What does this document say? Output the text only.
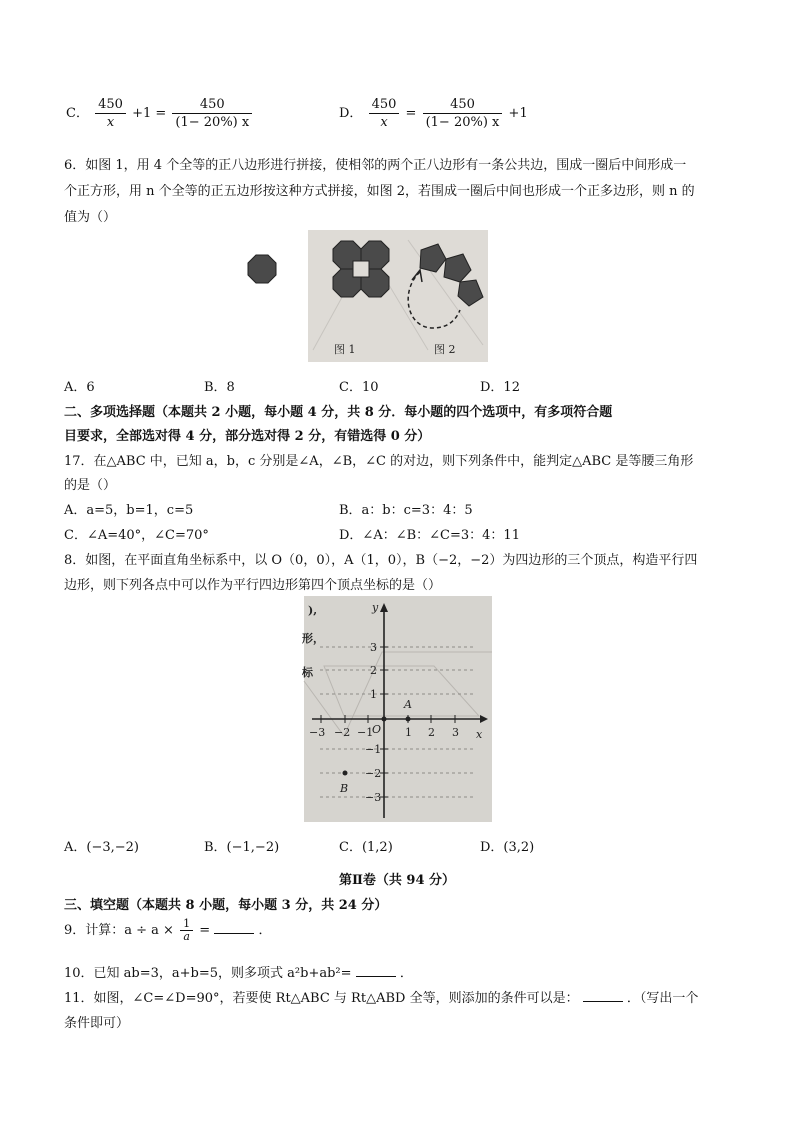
C． $\frac{450}{x} +1 = \frac{450}{(1- 20\%) x}$	D． $\frac{450}{x} = \frac{450}{(1- 20\%) x} +1$
6．如图 1，用 4 个全等的正八边形进行拼接，使相邻的两个正八边形有一条公共边，围成一圈后中间形成一
个正方形，用 n 个全等的正五边形按这种方式拼接，如图 2，若围成一圈后中间也形成一个正多边形，则 n 的
值为（）
图 1	图 2
A．6	B．8	C．10	D．12
二、多项选择题（本题共 2 小题，每小题 4 分，共 8 分．每小题的四个选项中，有多项符合题
目要求，全部选对得 4 分，部分选对得 2 分，有错选得 0 分）
17．在△ABC 中，已知 a，b，c 分别是∠A，∠B，∠C 的对边，则下列条件中，能判定△ABC 是等腰三角形
的是（）
A．a=5，b=1，c=5	B．a：b：c=3：4：5
C．∠A=40°，∠C=70°	D．∠A：∠B：∠C=3：4：11
8．如图，在平面直角坐标系中，以 O（0，0），A（1，0），B（−2，−2）为四边形的三个顶点，构造平行四
边形，则下列各点中可以作为平行四边形第四个顶点坐标的是（）
−3 −2 −1	1 2 3
3
2
1
−1
−2
−3
O	x
y
A
B
),
形，
标
A．(−3,−2)	B．(−1,−2)	C．(1,2)	D．(3,2)
第Ⅱ卷（共 94 分）
三、填空题（本题共 8 小题，每小题 3 分，共 24 分）
9．计算：$a \div a \times \frac{1}{a}$ =	．
10．已知 ab=3，a+b=5，则多项式 a²b+ab²=	．
11．如图，∠C=∠D=90°，若要使 Rt△ABC 与 Rt△ABD 全等，则添加的条件可以是：	．（写出一个
条件即可）
